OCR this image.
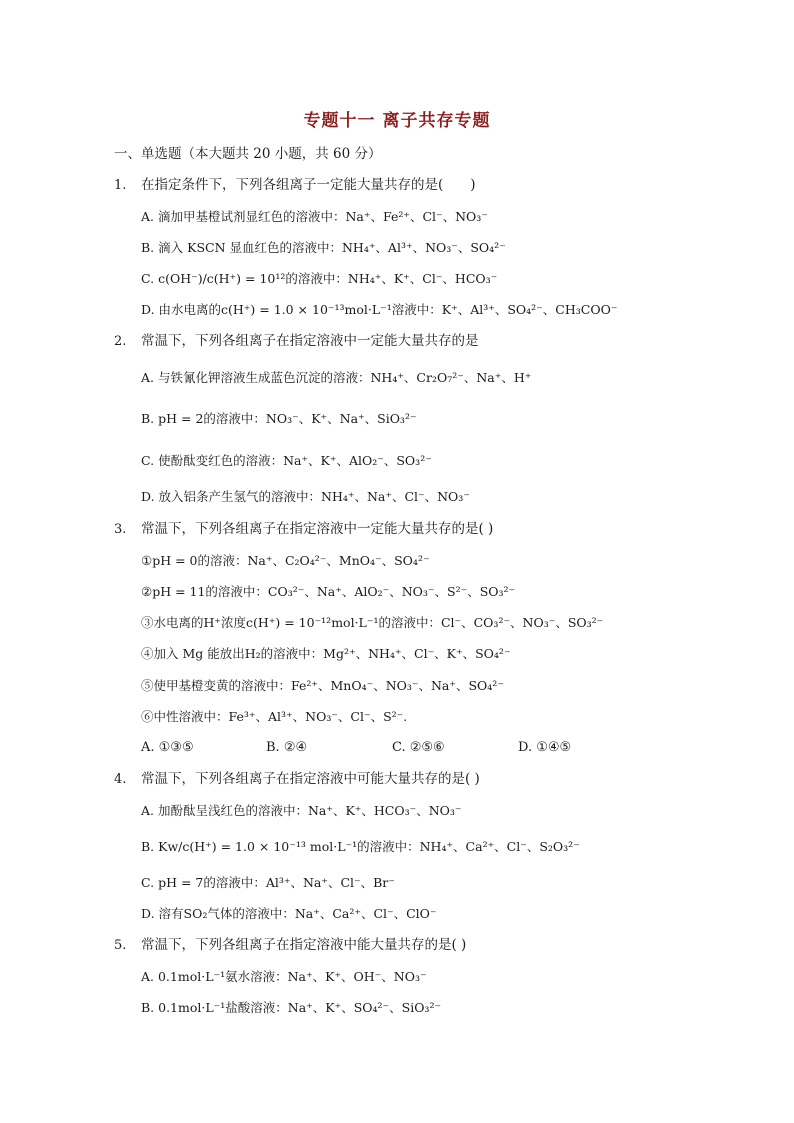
专题十一 离子共存专题
一、单选题（本大题共 20 小题，共 60 分）
1. 在指定条件下，下列各组离子一定能大量共存的是(　　)
A. 滴加甲基橙试剂显红色的溶液中：Na⁺、Fe²⁺、Cl⁻、NO₃⁻
B. 滴入 KSCN 显血红色的溶液中：NH₄⁺、Al³⁺、NO₃⁻、SO₄²⁻
C. c(OH⁻)/c(H⁺) = 10¹²的溶液中：NH₄⁺、K⁺、Cl⁻、HCO₃⁻
D. 由水电离的c(H⁺) = 1.0 × 10⁻¹³mol·L⁻¹溶液中：K⁺、Al³⁺、SO₄²⁻、CH₃COO⁻
2. 常温下，下列各组离子在指定溶液中一定能大量共存的是
A. 与铁氰化钾溶液生成蓝色沉淀的溶液：NH₄⁺、Cr₂O₇²⁻、Na⁺、H⁺
B. pH = 2的溶液中：NO₃⁻、K⁺、Na⁺、SiO₃²⁻
C. 使酚酞变红色的溶液：Na⁺、K⁺、AlO₂⁻、SO₃²⁻
D. 放入铝条产生氢气的溶液中：NH₄⁺、Na⁺、Cl⁻、NO₃⁻
3. 常温下，下列各组离子在指定溶液中一定能大量共存的是( )
①pH = 0的溶液：Na⁺、C₂O₄²⁻、MnO₄⁻、SO₄²⁻
②pH = 11的溶液中：CO₃²⁻、Na⁺、AlO₂⁻、NO₃⁻、S²⁻、SO₃²⁻
③水电离的H⁺浓度c(H⁺) = 10⁻¹²mol·L⁻¹的溶液中：Cl⁻、CO₃²⁻、NO₃⁻、SO₃²⁻
④加入 Mg 能放出H₂的溶液中：Mg²⁺、NH₄⁺、Cl⁻、K⁺、SO₄²⁻
⑤使甲基橙变黄的溶液中：Fe²⁺、MnO₄⁻、NO₃⁻、Na⁺、SO₄²⁻
⑥中性溶液中：Fe³⁺、Al³⁺、NO₃⁻、Cl⁻、S²⁻.
A. ①③⑤	B. ②④	C. ②⑤⑥	D. ①④⑤
4. 常温下，下列各组离子在指定溶液中可能大量共存的是( )
A. 加酚酞呈浅红色的溶液中：Na⁺、K⁺、HCO₃⁻、NO₃⁻
B. Kw/c(H⁺) = 1.0 × 10⁻¹³ mol·L⁻¹的溶液中：NH₄⁺、Ca²⁺、Cl⁻、S₂O₃²⁻
C. pH = 7的溶液中：Al³⁺、Na⁺、Cl⁻、Br⁻
D. 溶有SO₂气体的溶液中：Na⁺、Ca²⁺、Cl⁻、ClO⁻
5. 常温下，下列各组离子在指定溶液中能大量共存的是( )
A. 0.1mol·L⁻¹氨水溶液：Na⁺、K⁺、OH⁻、NO₃⁻
B. 0.1mol·L⁻¹盐酸溶液：Na⁺、K⁺、SO₄²⁻、SiO₃²⁻
